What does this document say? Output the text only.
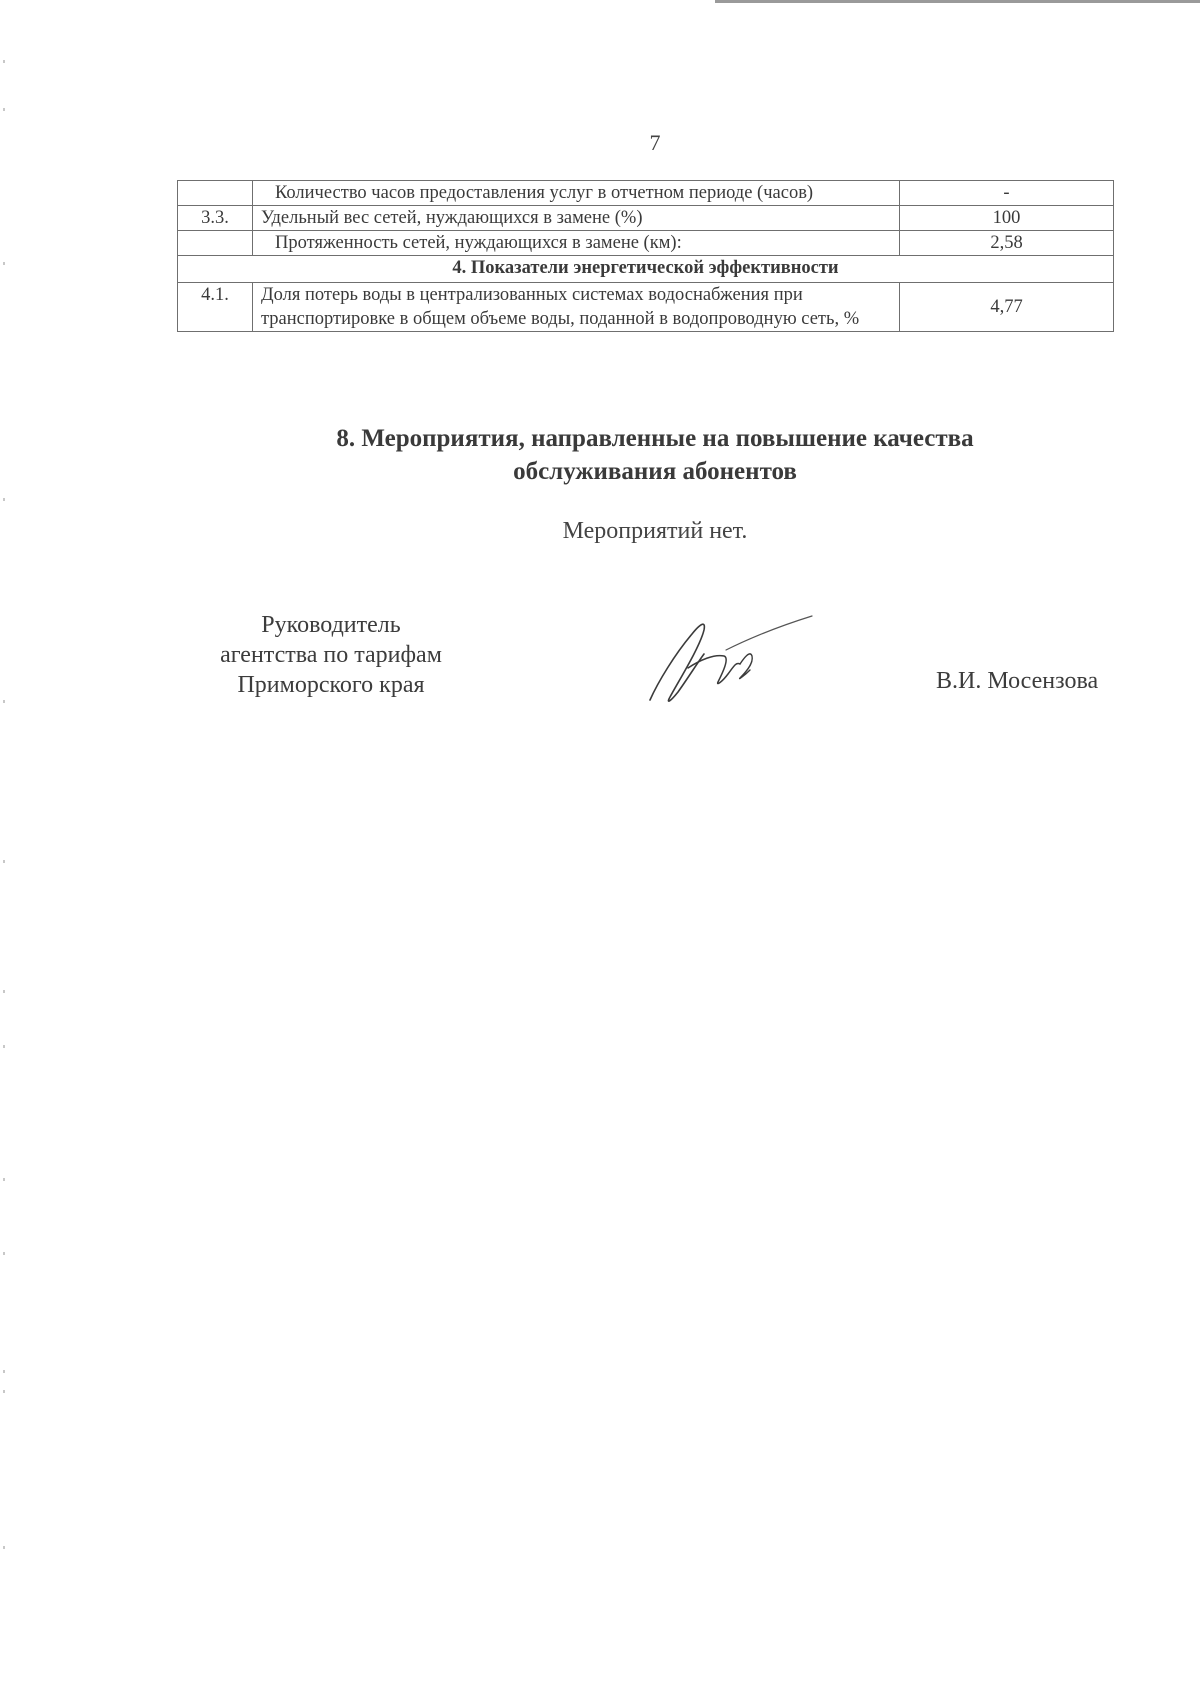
7
	Количество часов предоставления услуг в отчетном периоде (часов)	-
3.3.	Удельный вес сетей, нуждающихся в замене (%)	100
	Протяженность сетей, нуждающихся в замене (км):	2,58
4. Показатели энергетической эффективности		
4.1.	Доля потерь воды в централизованных системах водоснабжения при транспортировке в общем объеме воды, поданной в водопроводную сеть, %	4,77
8. Мероприятия, направленные на повышение качества
обслуживания абонентов
Мероприятий нет.
Руководитель
агентства по тарифам
Приморского края	В.И. Мосензова
